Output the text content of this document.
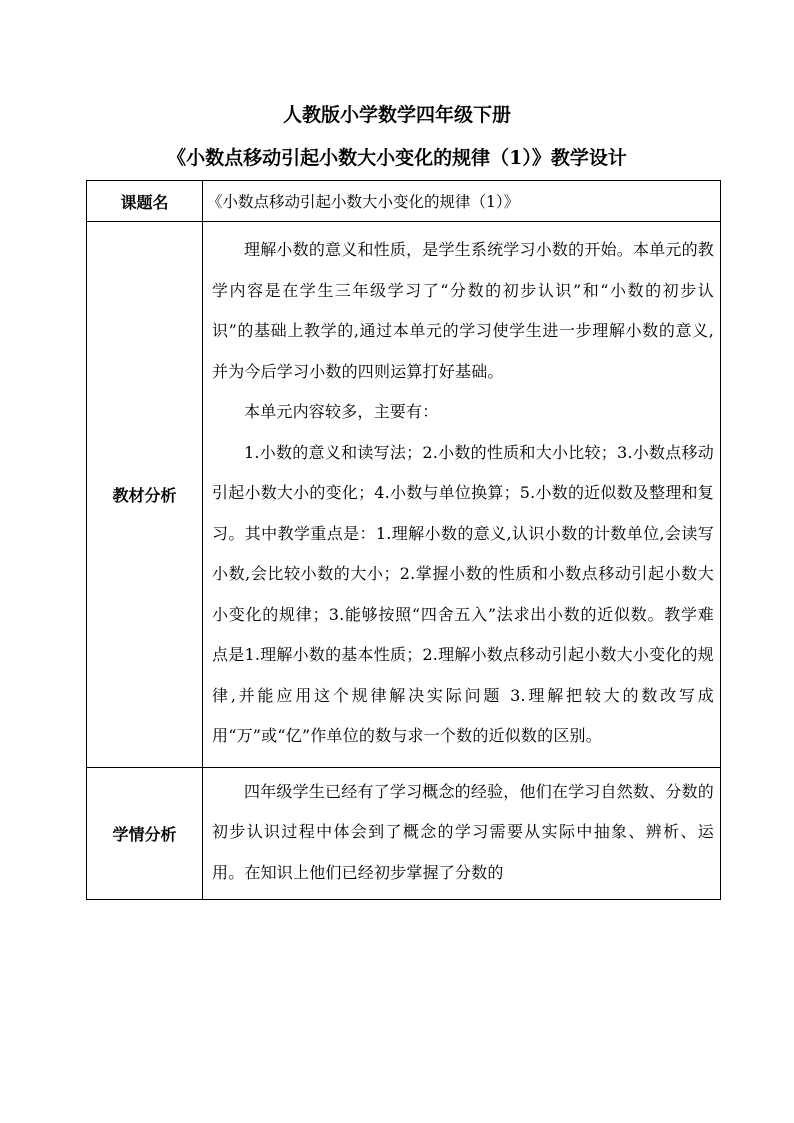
人教版小学数学四年级下册
《小数点移动引起小数大小变化的规律（1）》教学设计
课题名	《小数点移动引起小数大小变化的规律（1）》

教材分析	理解小数的意义和性质，是学生系统学习小数的开始。本单元的教学内容是在学生三年级学习了“分数的初步认识”和“小数的初步认识”的基础上教学的,通过本单元的学习使学生进一步理解小数的意义,并为今后学习小数的四则运算打好基础。

本单元内容较多，主要有：

1.小数的意义和读写法；2.小数的性质和大小比较；3.小数点移动引起小数大小的变化；4.小数与单位换算；5.小数的近似数及整理和复习。其中教学重点是：1.理解小数的意义,认识小数的计数单位,会读写小数,会比较小数的大小；2.掌握小数的性质和小数点移动引起小数大小变化的规律；3.能够按照“四舍五入”法求出小数的近似数。教学难点是1.理解小数的基本性质；2.理解小数点移动引起小数大小变化的规律,并能应用这个规律解决实际问题 3.理解把较大的数改写成用“万”或“亿”作单位的数与求一个数的近似数的区别。

学情分析	四年级学生已经有了学习概念的经验，他们在学习自然数、分数的初步认识过程中体会到了概念的学习需要从实际中抽象、辨析、运用。在知识上他们已经初步掌握了分数的
